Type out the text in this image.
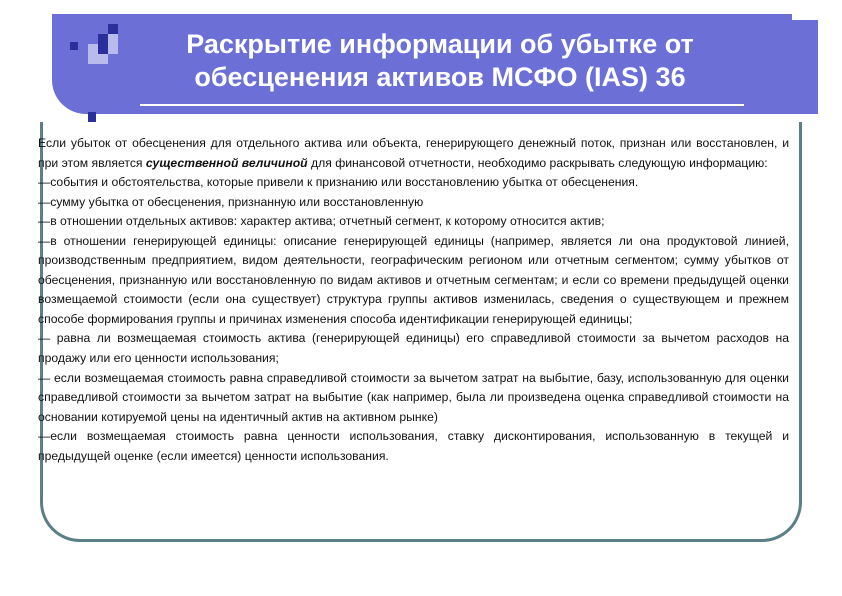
Раскрытие информации об убытке от
обесценения активов МСФО (IAS) 36

Если убыток от обесценения для отдельного актива или объекта, генерирующего денежный поток, признан или восстановлен, и при этом является существенной величиной для финансовой отчетности, необходимо раскрывать следующую информацию:

—события и обстоятельства, которые привели к признанию или восстановлению убытка от обесценения.

—сумму убытка от обесценения, признанную или восстановленную

—в отношении отдельных активов: характер актива; отчетный сегмент, к которому относится актив;

—в отношении генерирующей единицы: описание генерирующей единицы (например, является ли она продуктовой линией, производственным предприятием, видом деятельности, географическим регионом или отчетным сегментом; сумму убытков от обесценения, признанную или восстановленную по видам активов и отчетным сегментам; и если со времени предыдущей оценки возмещаемой стоимости (если она существует) структура группы активов изменилась, сведения о существующем и прежнем способе формирования группы и причинах изменения способа идентификации генерирующей единицы;

— равна ли возмещаемая стоимость актива (генерирующей единицы) его справедливой стоимости за вычетом расходов на продажу или его ценности использования;

— если возмещаемая стоимость равна справедливой стоимости за вычетом затрат на выбытие, базу, использованную для оценки справедливой стоимости за вычетом затрат на выбытие (как например, была ли произведена оценка справедливой стоимости на основании котируемой цены на идентичный актив на активном рынке)

—если возмещаемая стоимость равна ценности использования, ставку дисконтирования, использованную в текущей и предыдущей оценке (если имеется) ценности использования.
